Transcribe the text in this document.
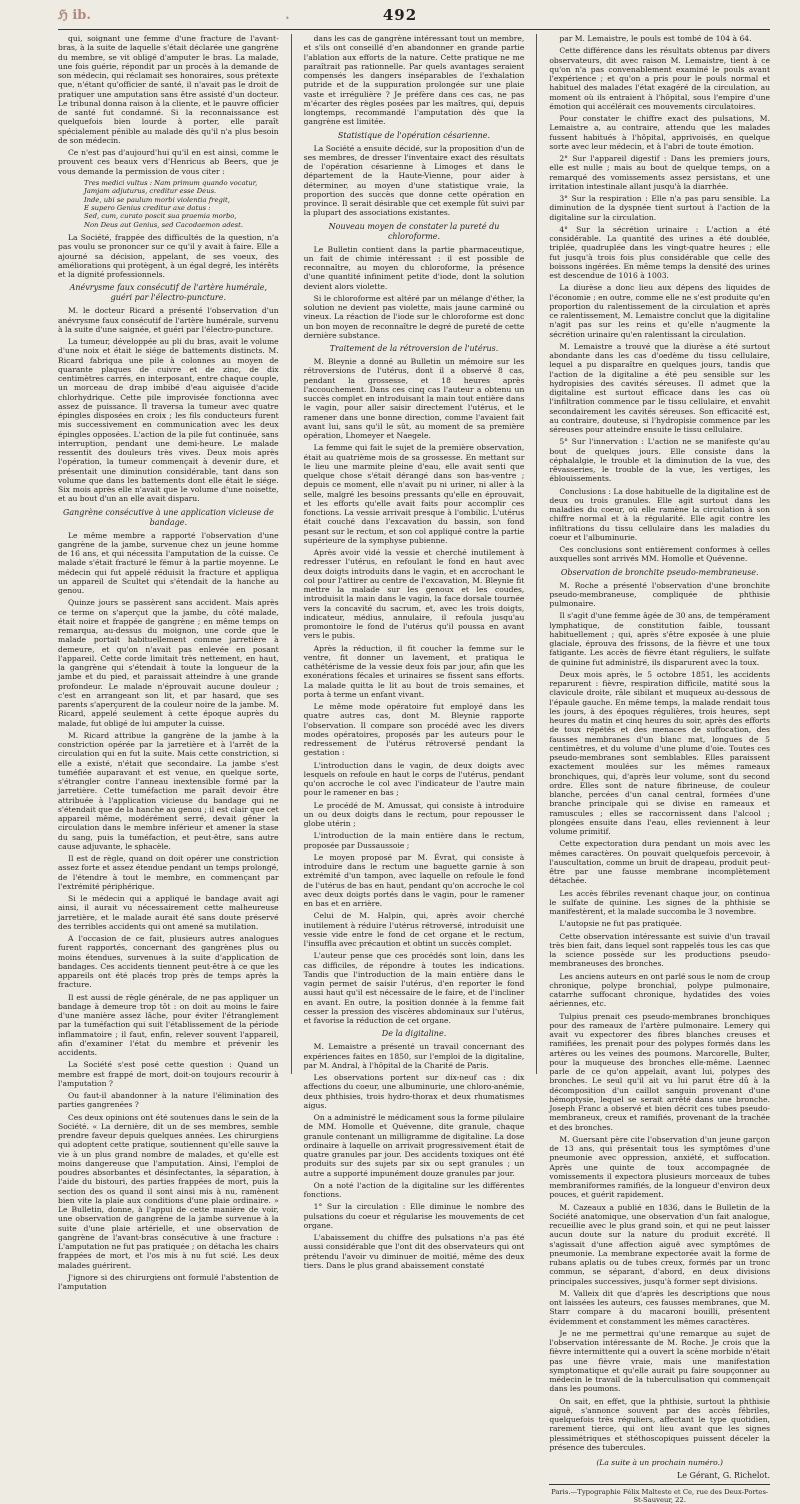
ℌ ib.	•	492

qui, soignant une femme d'une fracture de l'avant-bras, à la suite de laquelle s'était déclarée une gangrène du membre, se vit obligé d'amputer le bras. La malade, une fois guérie, répondit par un procès à la demande de son médecin, qui réclamait ses honoraires, sous prétexte que, n'étant qu'officier de santé, il n'avait pas le droit de pratiquer une amputation sans être assisté d'un docteur. Le tribunal donna raison à la cliente, et le pauvre officier de santé fut condamné. Si la reconnaissance est quelquefois bien lourde à porter, elle paraît spécialement pénible au malade dès qu'il n'a plus besoin de son médecin.

Ce n'est pas d'aujourd'hui qu'il en est ainsi, comme le prouvent ces beaux vers d'Henricus ab Beers, que je vous demande la permission de vous citer :

Tres medici vultus : Nam primum quando vocatur,
Jamjam adjuturus, creditur esse Deus.
Inde, ubi se paulum morbi violentia fregit,
E supero Genius creditur axe datus :
Sed, cum, curato poscit sua praemia morbo,
Non Deus aut Genius, sed Cacodaemon adest.

La Société, frappée des difficultés de la question, n'a pas voulu se prononcer sur ce qu'il y avait à faire. Elle a ajourné sa décision, appelant, de ses voeux, des améliorations qui protègent, à un égal degré, les intérêts et la dignité professionnels.

Anévrysme faux consécutif de l'artère humérale, guéri par l'électro-puncture.

M. le docteur Ricard a présenté l'observation d'un anévrysme faux consécutif de l'artère humérale, survenu à la suite d'une saignée, et guéri par l'électro-puncture.

La tumeur, développée au pli du bras, avait le volume d'une noix et était le siége de battements distincts. M. Ricard fabriqua une pile à colonnes au moyen de quarante plaques de cuivre et de zinc, de dix centimètres carrés, en interposant, entre chaque couple, un morceau de drap imbibé d'eau aiguisée d'acide chlorhydrique. Cette pile improvisée fonctionna avec assez de puissance. Il traversa la tumeur avec quatre épingles disposées en croix ; les fils conducteurs furent mis successivement en communication avec les deux épingles opposées. L'action de la pile fut continuée, sans interruption, pendant une demi-heure. Le malade ressentit des douleurs très vives. Deux mois après l'opération, la tumeur commençait à devenir dure, et présentait une diminution considérable, tant dans son volume que dans les battements dont elle était le siége. Six mois après elle n'avait que le volume d'une noisette, et au bout d'un an elle avait disparu.

Gangrène consécutive à une application vicieuse de bandage.

Le même membre a rapporté l'observation d'une gangrène de la jambe, survenue chez un jeune homme de 16 ans, et qui nécessita l'amputation de la cuisse. Ce malade s'était fracturé le fémur à la partie moyenne. Le médecin qui fut appelé réduisit la fracture et appliqua un appareil de Scultet qui s'étendait de la hanche au genou.

Quinze jours se passèrent sans accident. Mais après ce terme on s'aperçut que la jambe, du côté malade, était noire et frappée de gangrène ; en même temps on remarqua, au-dessus du moignon, une corde que le malade portait habituellement comme jarretière à demeure, et qu'on n'avait pas enlevée en posant l'appareil. Cette corde limitait très nettement, en haut, la gangrène qui s'étendait à toute la longueur de la jambe et du pied, et paraissait atteindre à une grande profondeur. Le malade n'éprouvait aucune douleur ; c'est en arrangeant son lit, et par hasard, que ses parents s'aperçurent de la couleur noire de la jambe. M. Ricard, appelé seulement à cette époque auprès du malade, fut obligé de lui amputer la cuisse.

M. Ricard attribue la gangrène de la jambe à la constriction opérée par la jarretière et à l'arrêt de la circulation qui en fut la suite. Mais cette constriction, si elle a existé, n'était que secondaire. La jambe s'est tuméfiée auparavant et est venue, en quelque sorte, s'étrangler contre l'anneau inextensible formé par la jarretière. Cette tuméfaction me paraît devoir être attribuée à l'application vicieuse du bandage qui ne s'étendait que de la hanche au genou ; il est clair que cet appareil même, modérément serré, devait gêner la circulation dans le membre inférieur et amener la stase du sang, puis la tuméfaction, et peut-être, sans autre cause adjuvante, le sphacèle.

Il est de règle, quand on doit opérer une constriction assez forte et assez étendue pendant un temps prolongé, de l'étendre à tout le membre, en commençant par l'extrémité périphérique.

Si le médecin qui a appliqué le bandage avait agi ainsi, il aurait vu nécessairement cette malheureuse jarretière, et le malade aurait été sans doute préservé des terribles accidents qui ont amené sa mutilation.

A l'occasion de ce fait, plusieurs autres analogues furent rapportés, concernant des gangrènes plus ou moins étendues, survenues à la suite d'application de bandages. Ces accidents tiennent peut-être à ce que les appareils ont été placés trop près de temps après la fracture.

Il est aussi de règle générale, de ne pas appliquer un bandage à demeure trop tôt : on doit au moins le faire d'une manière assez lâche, pour éviter l'étranglement par la tuméfaction qui suit l'établissement de la période inflammatoire ; il faut, enfin, relever souvent l'appareil, afin d'examiner l'état du membre et prévenir les accidents.

La Société s'est posé cette question : Quand un membre est frappé de mort, doit-on toujours recourir à l'amputation ?

Ou faut-il abandonner à la nature l'élimination des parties gangrenées ?

Ces deux opinions ont été soutenues dans le sein de la Société. « La dernière, dit un de ses membres, semble prendre faveur depuis quelques années. Les chirurgiens qui adoptent cette pratique, soutiennent qu'elle sauve la vie à un plus grand nombre de malades, et qu'elle est moins dangereuse que l'amputation. Ainsi, l'emploi de poudres absorbantes et désinfectantes, la séparation, à l'aide du bistouri, des parties frappées de mort, puis la section des os quand il sont ainsi mis à nu, ramènent bien vite la plaie aux conditions d'une plaie ordinaire. » Le Bulletin, donne, à l'appui de cette manière de voir, une observation de gangrène de la jambe survenue à la suite d'une plaie artérielle, et une observation de gangrène de l'avant-bras consécutive à une fracture : L'amputation ne fut pas pratiquée ; on détacha les chairs frappées de mort, et l'os mis à nu fut scié. Les deux malades guérirent.

J'ignore si des chirurgiens ont formulé l'abstention de l'amputation

dans les cas de gangrène intéressant tout un membre, et s'ils ont conseillé d'en abandonner en grande partie l'ablation aux efforts de la nature. Cette pratique ne me paraîtrait pas rationnelle. Par quels avantages seraient compensés les dangers inséparables de l'exhalation putride et de la suppuration prolongée sur une plaie vaste et irrégulière ? Je préfère dans ces cas, ne pas m'écarter des règles posées par les maîtres, qui, depuis longtemps, recommandé l'amputation dès que la gangrène est limitée.

Statistique de l'opération césarienne.

La Société a ensuite décidé, sur la proposition d'un de ses membres, de dresser l'inventaire exact des résultats de l'opération césarienne à Limoges et dans le département de la Haute-Vienne, pour aider à déterminer, au moyen d'une statistique vraie, la proportion des succès que donne cette opération en province. Il serait désirable que cet exemple fût suivi par la plupart des associations existantes.

Nouveau moyen de constater la pureté du chloroforme.

Le Bulletin contient dans la partie pharmaceutique, un fait de chimie intéressant : il est possible de reconnaître, au moyen du chloroforme, la présence d'une quantité infiniment petite d'iode, dont la solution devient alors violette.

Si le chloroforme est altéré par un mélange d'éther, la solution ne devient pas violette, mais jaune carminé ou vineux. La réaction de l'iode sur le chloroforme est donc un bon moyen de reconnaître le degré de pureté de cette dernière substance.

Traitement de la rétroversion de l'utérus.

M. Bleynie a donné au Bulletin un mémoire sur les rétroversions de l'utérus, dont il a observé 8 cas, pendant la grossesse, et 18 heures après l'accouchement. Dans ces cinq cas l'auteur a obtenu un succès complet en introduisant la main tout entière dans le vagin, pour aller saisir directement l'utérus, et le ramener dans une bonne direction, comme l'avaient fait avant lui, sans qu'il le sût, au moment de sa première opération, Lhomeyer et Naegele.

La femme qui fait le sujet de la première observation, était au quatrième mois de sa grossesse. En mettant sur le lieu une marmite pleine d'eau, elle avait senti que quelque chose s'était dérangé dans son bas-ventre ; depuis ce moment, elle n'avait pu ni uriner, ni aller à la selle, malgré les besoins pressants qu'elle en éprouvait, et les efforts qu'elle avait faits pour accomplir ces fonctions. La vessie arrivait presque à l'ombilic. L'utérus était couché dans l'excavation du bassin, son fond pesant sur le rectum, et son col appliqué contre la partie supérieure de la symphyse pubienne.

Après avoir vidé la vessie et cherché inutilement à redresser l'utérus, en refoulant le fond en haut avec deux doigts introduits dans le vagin, et en accrochant le col pour l'attirer au centre de l'excavation, M. Bleynie fit mettre la malade sur les genoux et les coudes, introduisit la main dans le vagin, la face dorsale tournée vers la concavité du sacrum, et, avec les trois doigts, indicateur, médius, annulaire, il refoula jusqu'au promontoire le fond de l'utérus qu'il poussa en avant vers le pubis.

Après la réduction, il fit coucher la femme sur le ventre, fit donner un lavement, et pratiqua le cathétérisme de la vessie deux fois par jour, afin que les exonérations fécales et urinaires se fissent sans efforts. La malade quitta le lit au bout de trois semaines, et porta à terme un enfant vivant.

Le même mode opératoire fut employé dans les quatre autres cas, dont M. Bleynie rapporte l'observation. Il compare son procédé avec les divers modes opératoires, proposés par les auteurs pour le redressement de l'utérus rétroversé pendant la gestation :

L'introduction dans le vagin, de deux doigts avec lesquels on refoule en haut le corps de l'utérus, pendant qu'on accroche le col avec l'indicateur de l'autre main pour le ramener en bas ;

Le procédé de M. Amussat, qui consiste à introduire un ou deux doigts dans le rectum, pour repousser le globe utérin ;

L'introduction de la main entière dans le rectum, proposée par Dussaussoie ;

Le moyen proposé par M. Évrat, qui consiste à introduire dans le rectum une baguette garnie à son extrémité d'un tampon, avec laquelle on refoule le fond de l'utérus de bas en haut, pendant qu'on accroche le col avec deux doigts portés dans le vagin, pour le ramener en bas et en arrière.

Celui de M. Halpin, qui, après avoir cherché inutilement à réduire l'utérus rétroversé, introduisit une vessie vide entre le fond de cet organe et le rectum, l'insuffla avec précaution et obtint un succès complet.

L'auteur pense que ces procédés sont loin, dans les cas difficiles, de répondre à toutes les indications. Tandis que l'introduction de la main entière dans le vagin permet de saisir l'utérus, d'en reporter le fond aussi haut qu'il est nécessaire de le faire, et de l'incliner en avant. En outre, la position donnée à la femme fait cesser la pression des viscères abdominaux sur l'utérus, et favorise la réduction de cet organe.

De la digitaline.

M. Lemaistre a présenté un travail concernant des expériences faites en 1850, sur l'emploi de la digitaline, par M. Andral, à l'hôpital de la Charité de Paris.

Les observations portent sur dix-neuf cas : dix affections du coeur, une albuminurie, une chloro-anémie, deux phthisies, trois hydro-thorax et deux rhumatismes aigus.

On a administré le médicament sous la forme pilulaire de MM. Homolle et Quévenne, dite granule, chaque granule contenant un milligramme de digitaline. La dose ordinaire à laquelle on arrivait progressivement était de quatre granules par jour. Des accidents toxiques ont été produits sur des sujets par six ou sept granules ; un autre a supporté impunément douze granules par jour.

On a noté l'action de la digitaline sur les différentes fonctions.

1° Sur la circulation : Elle diminue le nombre des pulsations du coeur et régularise les mouvements de cet organe.

L'abaissement du chiffre des pulsations n'a pas été aussi considérable que l'ont dit des observateurs qui ont prétendu l'avoir vu diminuer de moitié, même des deux tiers. Dans le plus grand abaissement constaté

par M. Lemaistre, le pouls est tombé de 104 à 64.

Cette différence dans les résultats obtenus par divers observateurs, dit avec raison M. Lemaistre, tient à ce qu'on n'a pas convenablement examiné le pouls avant l'expérience ; et qu'on a pris pour le pouls normal et habituel des malades l'état exagéré de la circulation, au moment où ils entraient à l'hôpital, sous l'empire d'une émotion qui accélérait ces mouvements circulatoires.

Pour constater le chiffre exact des pulsations, M. Lemaistre a, au contraire, attendu que les malades fussent habitués à l'hôpital, apprivoisés, en quelque sorte avec leur médecin, et à l'abri de toute émotion.

2° Sur l'appareil digestif : Dans les premiers jours, elle est nulle ; mais au bout de quelque temps, on a remarqué des vomissements assez persistans, et une irritation intestinale allant jusqu'à la diarrhée.

3° Sur la respiration : Elle n'a pas paru sensible. La diminution de la dyspnée tient surtout à l'action de la digitaline sur la circulation.

4° Sur la sécrétion urinaire : L'action a été considérable. La quantité des urines a été doublée, triplée, quadruplée dans les vingt-quatre heures ; elle fut jusqu'à trois fois plus considérable que celle des boissons ingérées. En même temps la densité des urines est descendue de 1016 à 1003.

La diurèse a donc lieu aux dépens des liquides de l'économie ; en outre, comme elle ne s'est produite qu'en proportion du ralentissement de la circulation et après ce ralentissement, M. Lemaistre conclut que la digitaline n'agit pas sur les reins et qu'elle n'augmente la sécrétion urinaire qu'en ralentissant la circulation.

M. Lemaistre a trouvé que la diurèse a été surtout abondante dans les cas d'oedème du tissu cellulaire, lequel a pu disparaître en quelques jours, tandis que l'action de la digitaline a été peu sensible sur les hydropisies des cavités séreuses. Il admet que la digitaline est surtout efficace dans les cas où l'infiltration commence par le tissu cellulaire, et envahit secondairement les cavités séreuses. Son efficacité est, au contraire, douteuse, si l'hydropisie commence par les séreuses pour atteindre ensuite le tissu cellulaire.

5° Sur l'innervation : L'action ne se manifeste qu'au bout de quelques jours. Elle consiste dans la céphalalgie, le trouble et la diminution de la vue, des rêvasseries, le trouble de la vue, les vertiges, les éblouissements.

Conclusions : La dose habituelle de la digitaline est de deux ou trois granules. Elle agit surtout dans les maladies du coeur, où elle ramène la circulation à son chiffre normal et à la régularité. Elle agit contre les infiltrations du tissu cellulaire dans les maladies du coeur et l'albuminurie.

Ces conclusions sont entièrement conformes à celles auxquelles sont arrivés MM. Homolle et Quévenne.

Observation de bronchite pseudo-membraneuse.

M. Roche a présenté l'observation d'une bronchite pseudo-membraneuse, compliquée de phthisie pulmonaire.

Il s'agit d'une femme âgée de 30 ans, de tempérament lymphatique, de constitution faible, toussant habituellement ; qui, après s'être exposée à une pluie glaciale, éprouva des frissons, de la fièvre et une toux fatigante. Les accès de fièvre étant réguliers, le sulfate de quinine fut administré, ils disparurent avec la toux.

Deux mois après, le 5 octobre 1851, les accidents reparurent : fièvre, respiration difficile, matité sous la clavicule droite, râle sibilant et muqueux au-dessous de l'épaule gauche. En même temps, la malade rendait tous les jours, à des époques régulières, trois heures, sept heures du matin et cinq heures du soir, après des efforts de toux répétés et des menaces de suffocation, des fausses membranes d'un blanc mat, longues de 5 centimètres, et du volume d'une plume d'oie. Toutes ces pseudo-membranes sont semblables. Elles paraissent exactement moulées sur les mêmes rameaux bronchiques, qui, d'après leur volume, sont du second ordre. Elles sont de nature fibrineuse, de couleur blanche, percées d'un canal central, formées d'une branche principale qui se divise en rameaux et ramuscules ; elles se raccornissent dans l'alcool ; plongées ensuite dans l'eau, elles reviennent à leur volume primitif.

Cette expectoration dura pendant un mois avec les mêmes caractères. On pouvait quelquefois percevoir, à l'auscultation, comme un bruit de drapeau, produit peut-être par une fausse membrane incomplètement détachée.

Les accès fébriles revenant chaque jour, on continua le sulfate de quinine. Les signes de la phthisie se manifestèrent, et la malade succomba le 3 novembre.

L'autopsie ne fut pas pratiquée.

Cette observation intéressante est suivie d'un travail très bien fait, dans lequel sont rappelés tous les cas que la science possède sur les productions pseudo-membraneuses des bronches.

Les anciens auteurs en ont parlé sous le nom de croup chronique, polype bronchial, polype pulmonaire, catarrhe suffocant chronique, hydatides des voies aériennes, etc.

Tulpius prenait ces pseudo-membranes bronchiques pour des rameaux de l'artère pulmonaire. Lemery qui avait vu expectorer des fibres blanches creuses et ramifiées, les prenait pour des polypes formés dans les artères ou les veines des poumons. Marcorelle, Bulter, pour la muqueuse des bronches elle-même. Laennec parle de ce qu'on appelait, avant lui, polypes des bronches. Le seul qu'il ait vu lui parut être dû à la décomposition d'un caillot sanguin provenant d'une hémoptysie, lequel se serait arrêté dans une bronche. Joseph Franc a observé et bien décrit ces tubes pseudo-membraneux, creux et ramifiés, provenant de la trachée et des bronches.

M. Guersant père cite l'observation d'un jeune garçon de 13 ans, qui présentait tous les symptômes d'une pneumonie avec oppression, anxiété, et suffocation. Après une quinte de toux accompagnée de vomissements il expectora plusieurs morceaux de tubes membraniformes ramifiés, de la longueur d'environ deux pouces, et guérit rapidement.

M. Cazeaux a publié en 1836, dans le Bulletin de la Société anatomique, une observation d'un fait analogue, recueillie avec le plus grand soin, et qui ne peut laisser aucun doute sur la nature du produit excrété. Il s'agissait d'une affection aiguë avec symptômes de pneumonie. La membrane expectorée avait la forme de rubans aplatis ou de tubes creux, formés par un tronc commun, se séparant, d'abord, en deux divisions principales successives, jusqu'à former sept divisions.

M. Valleix dit que d'après les descriptions que nous ont laissées les auteurs, ces fausses membranes, que M. Starr compare à du macaroni bouilli, présentent évidemment et constamment les mêmes caractères.

Je ne me permettrai qu'une remarque au sujet de l'observation intéressante de M. Roche. Je crois que la fièvre intermittente qui a ouvert la scène morbide n'était pas une fièvre vraie, mais une manifestation symptomatique et qu'elle aurait pu faire soupçonner au médecin le travail de la tuberculisation qui commençait dans les poumons.

On sait, en effet, que la phthisie, surtout la phthisie aiguë, s'annonce souvent par des accès fébriles, quelquefois très réguliers, affectant le type quotidien, rarement tierce, qui ont lieu avant que les signes plessimétriques et stéthoscopiques puissent déceler la présence des tubercules.

(La suite à un prochain numéro.)
Le Gérant, G. Richelot.
Paris.—Typographie Félix Malteste et Ce, rue des Deux-Portes-St-Sauveur, 22.
